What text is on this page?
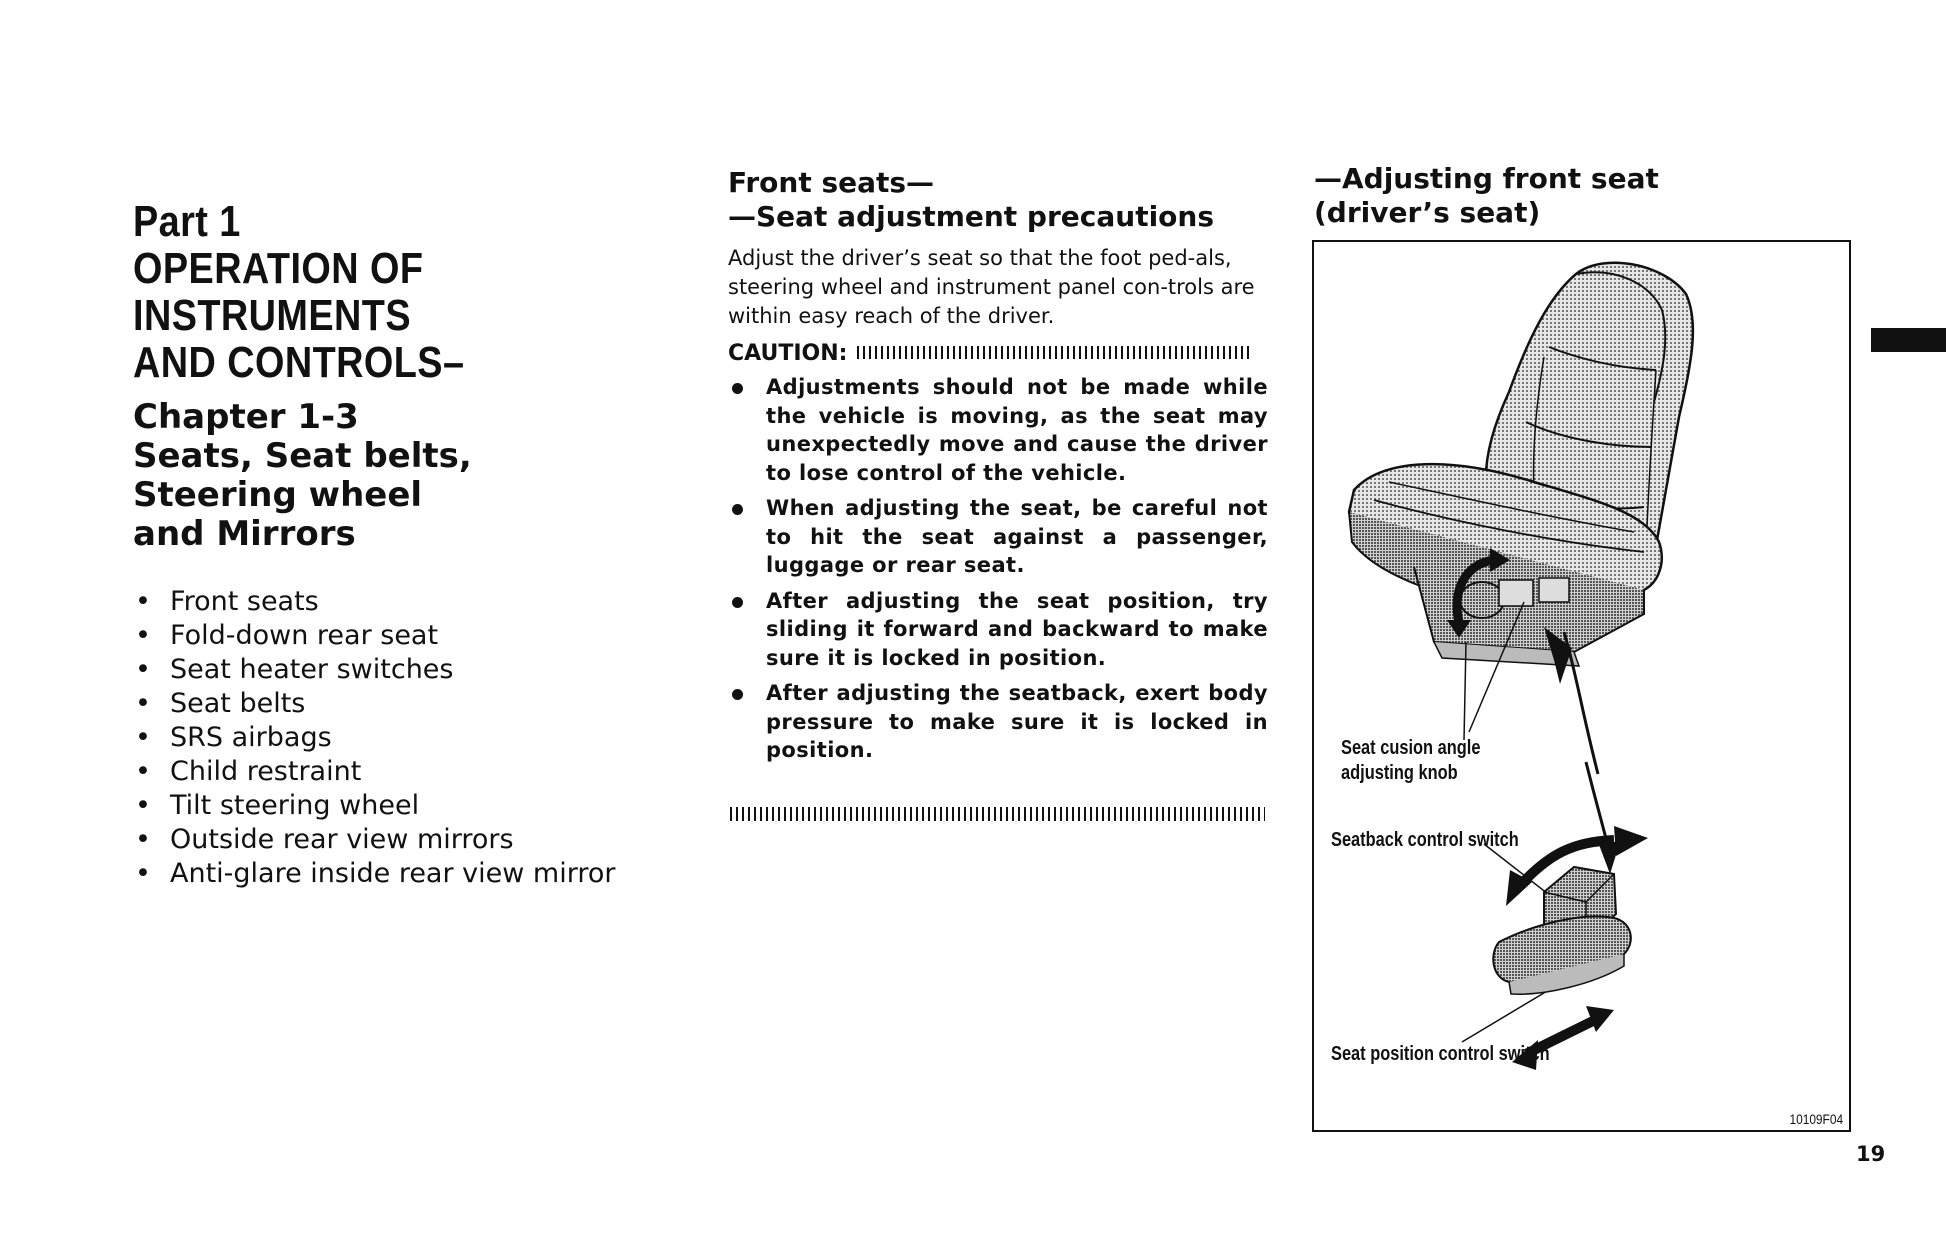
Part 1
OPERATION OF
INSTRUMENTS
AND CONTROLS–
Chapter 1-3
Seats, Seat belts,
Steering wheel
and Mirrors
• Front seats
• Fold-down rear seat
• Seat heater switches
• Seat belts
• SRS airbags
• Child restraint
• Tilt steering wheel
• Outside rear view mirrors
• Anti-glare inside rear view mirror
Front seats—
—Seat adjustment precautions

Adjust the driver’s seat so that the foot ped-als, steering wheel and instrument panel con-trols are within easy reach of the driver.

CAUTION:
Adjustments should not be made while the vehicle is moving, as the seat may unexpectedly move and cause the driver to lose control of the vehicle.
When adjusting the seat, be careful not to hit the seat against a passenger, luggage or rear seat.
After adjusting the seat position, try sliding it forward and backward to make sure it is locked in position.
After adjusting the seatback, exert body pressure to make sure it is locked in position.
—Adjusting front seat
(driver’s seat)
Seat cusion angle
adjusting knob
Seatback control switch
Seat position control switch
10109F04
19
